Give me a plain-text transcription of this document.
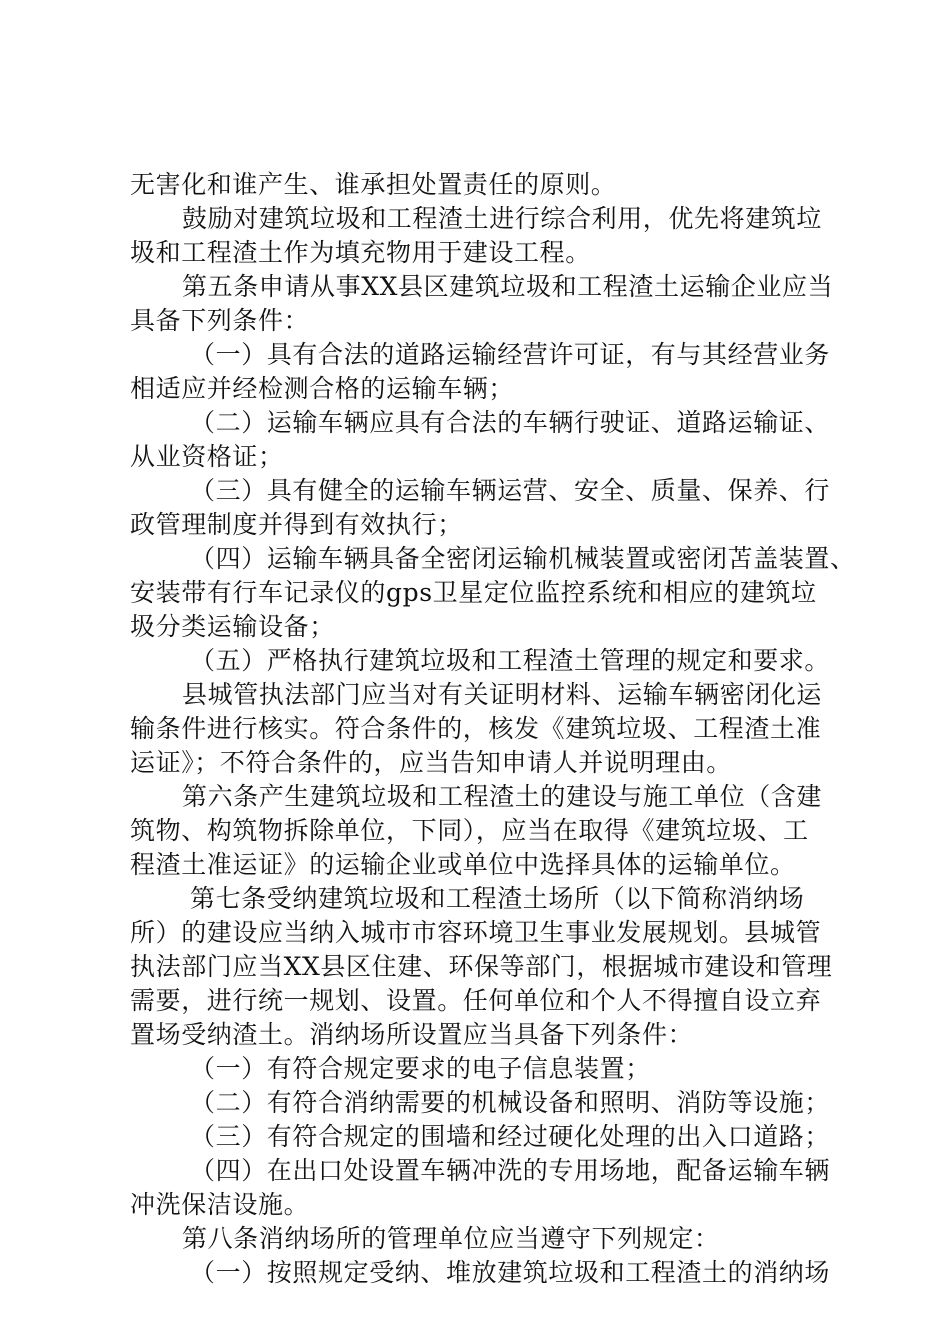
无害化和谁产生、谁承担处置责任的原则。
鼓励对建筑垃圾和工程渣土进行综合利用，优先将建筑垃
圾和工程渣土作为填充物用于建设工程。
第五条申请从事XX县区建筑垃圾和工程渣土运输企业应当
具备下列条件：
（一）具有合法的道路运输经营许可证，有与其经营业务
相适应并经检测合格的运输车辆；
（二）运输车辆应具有合法的车辆行驶证、道路运输证、
从业资格证；
（三）具有健全的运输车辆运营、安全、质量、保养、行
政管理制度并得到有效执行；
（四）运输车辆具备全密闭运输机械装置或密闭苫盖装置、
安装带有行车记录仪的gps卫星定位监控系统和相应的建筑垃
圾分类运输设备；
（五）严格执行建筑垃圾和工程渣土管理的规定和要求。
县城管执法部门应当对有关证明材料、运输车辆密闭化运
输条件进行核实。符合条件的，核发《建筑垃圾、工程渣土准
运证》；不符合条件的，应当告知申请人并说明理由。
第六条产生建筑垃圾和工程渣土的建设与施工单位（含建
筑物、构筑物拆除单位，下同），应当在取得《建筑垃圾、工
程渣土准运证》的运输企业或单位中选择具体的运输单位。
第七条受纳建筑垃圾和工程渣土场所（以下简称消纳场
所）的建设应当纳入城市市容环境卫生事业发展规划。县城管
执法部门应当XX县区住建、环保等部门，根据城市建设和管理
需要，进行统一规划、设置。任何单位和个人不得擅自设立弃
置场受纳渣土。消纳场所设置应当具备下列条件：
（一）有符合规定要求的电子信息装置；
（二）有符合消纳需要的机械设备和照明、消防等设施；
（三）有符合规定的围墙和经过硬化处理的出入口道路；
（四）在出口处设置车辆冲洗的专用场地，配备运输车辆
冲洗保洁设施。
第八条消纳场所的管理单位应当遵守下列规定：
（一）按照规定受纳、堆放建筑垃圾和工程渣土的消纳场
